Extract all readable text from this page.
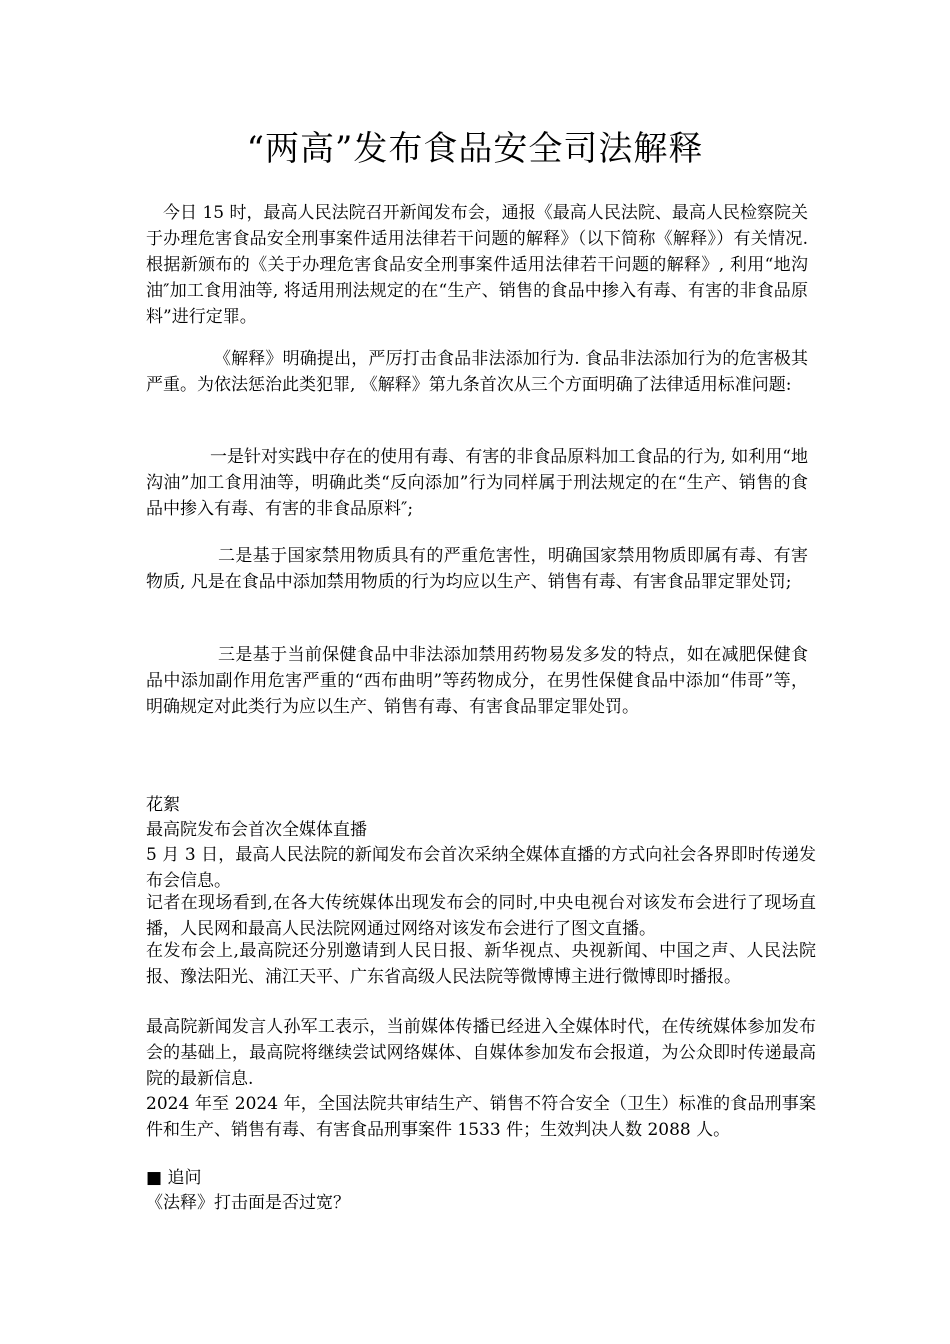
“两高”发布食品安全司法解释

今日 15 时，最高人民法院召开新闻发布会，通报《最高人民法院、最高人民检察院关于办理危害食品安全刑事案件适用法律若干问题的解释》（以下简称《解释》）有关情况. 根据新颁布的《关于办理危害食品安全刑事案件适用法律若干问题的解释》, 利用“地沟油″加工食用油等, 将适用刑法规定的在“生产、销售的食品中掺入有毒、有害的非食品原料”进行定罪。

《解释》明确提出，严厉打击食品非法添加行为. 食品非法添加行为的危害极其严重。为依法惩治此类犯罪, 《解释》第九条首次从三个方面明确了法律适用标准问题:

一是针对实践中存在的使用有毒、有害的非食品原料加工食品的行为, 如利用“地沟油”加工食用油等，明确此类“反向添加”行为同样属于刑法规定的在“生产、销售的食品中掺入有毒、有害的非食品原料″;

二是基于国家禁用物质具有的严重危害性，明确国家禁用物质即属有毒、有害物质, 凡是在食品中添加禁用物质的行为均应以生产、销售有毒、有害食品罪定罪处罚;

三是基于当前保健食品中非法添加禁用药物易发多发的特点，如在减肥保健食品中添加副作用危害严重的“西布曲明”等药物成分，在男性保健食品中添加“伟哥”等，明确规定对此类行为应以生产、销售有毒、有害食品罪定罪处罚。

花絮

最高院发布会首次全媒体直播

5 月 3 日，最高人民法院的新闻发布会首次采纳全媒体直播的方式向社会各界即时传递发布会信息。

记者在现场看到,在各大传统媒体出现发布会的同时,中央电视台对该发布会进行了现场直播，人民网和最高人民法院网通过网络对该发布会进行了图文直播。

在发布会上,最高院还分别邀请到人民日报、新华视点、央视新闻、中国之声、人民法院报、豫法阳光、浦江天平、广东省高级人民法院等微博博主进行微博即时播报。

最高院新闻发言人孙军工表示，当前媒体传播已经进入全媒体时代，在传统媒体参加发布会的基础上，最高院将继续尝试网络媒体、自媒体参加发布会报道，为公众即时传递最高院的最新信息.

2024 年至 2024 年，全国法院共审结生产、销售不符合安全（卫生）标准的食品刑事案件和生产、销售有毒、有害食品刑事案件 1533 件；生效判决人数 2088 人。

■ 追问

《法释》打击面是否过宽？
